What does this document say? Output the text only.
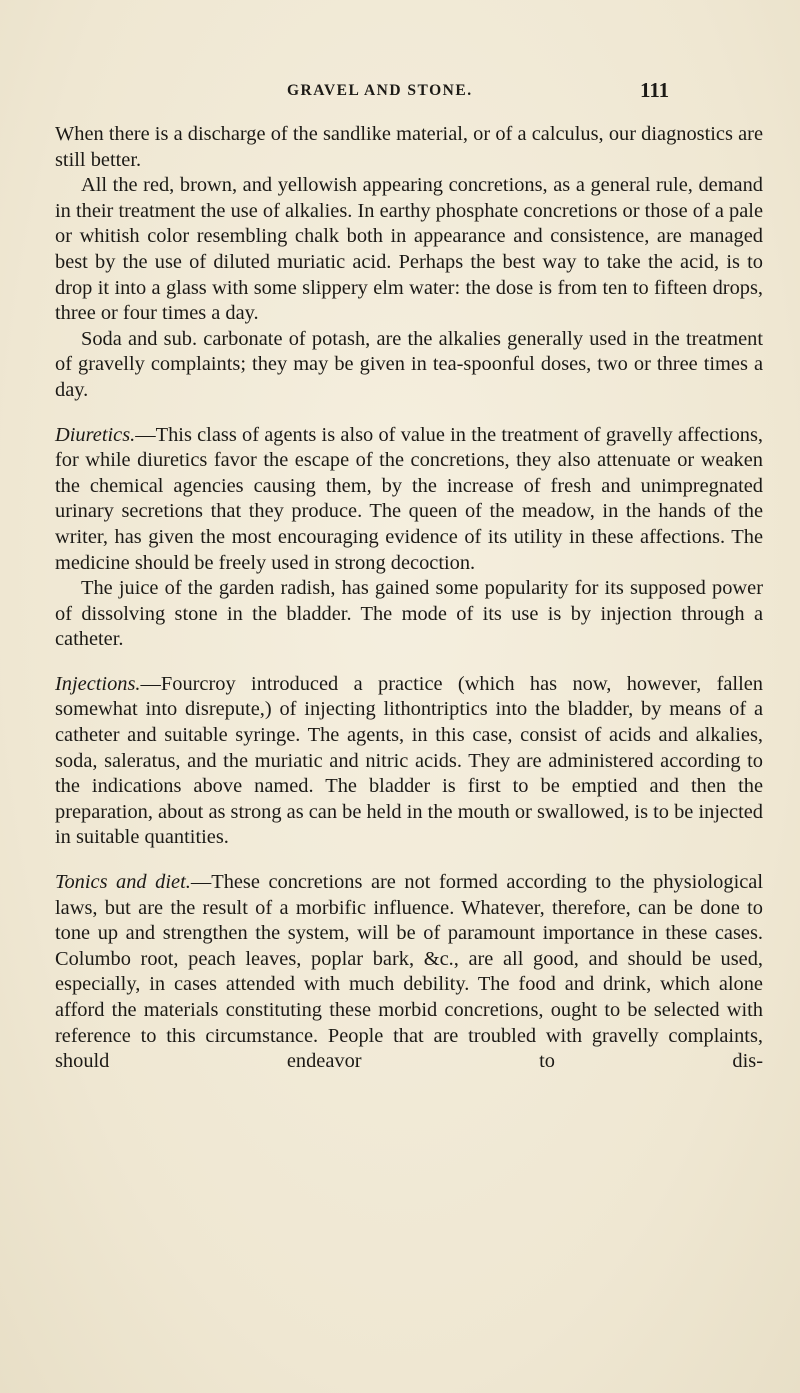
GRAVEL AND STONE.	111

When there is a discharge of the sandlike material, or of a calculus, our diagnostics are still better.

All the red, brown, and yellowish appearing concretions, as a general rule, demand in their treatment the use of alkalies. In earthy phosphate concretions or those of a pale or whitish color resembling chalk both in appearance and consistence, are managed best by the use of diluted muriatic acid. Perhaps the best way to take the acid, is to drop it into a glass with some slippery elm water: the dose is from ten to fifteen drops, three or four times a day.

Soda and sub. carbonate of potash, are the alkalies generally used in the treatment of gravelly complaints; they may be given in tea-spoonful doses, two or three times a day.

Diuretics.—This class of agents is also of value in the treatment of gravelly affections, for while diuretics favor the escape of the concretions, they also attenuate or weaken the chemical agencies causing them, by the increase of fresh and unimpregnated urinary secretions that they produce. The queen of the meadow, in the hands of the writer, has given the most encouraging evidence of its utility in these affections. The medicine should be freely used in strong decoction.

The juice of the garden radish, has gained some popularity for its supposed power of dissolving stone in the bladder. The mode of its use is by injection through a catheter.

Injections.—Fourcroy introduced a practice (which has now, however, fallen somewhat into disrepute,) of injecting lithontriptics into the bladder, by means of a catheter and suitable syringe. The agents, in this case, consist of acids and alkalies, soda, saleratus, and the muriatic and nitric acids. They are administered according to the indications above named. The bladder is first to be emptied and then the preparation, about as strong as can be held in the mouth or swallowed, is to be injected in suitable quantities.

Tonics and diet.—These concretions are not formed according to the physiological laws, but are the result of a morbific influence. Whatever, therefore, can be done to tone up and strengthen the system, will be of paramount importance in these cases. Columbo root, peach leaves, poplar bark, &c., are all good, and should be used, especially, in cases attended with much debility. The food and drink, which alone afford the materials constituting these morbid concretions, ought to be selected with reference to this circumstance. People that are troubled with gravelly complaints, should endeavor to dis-
